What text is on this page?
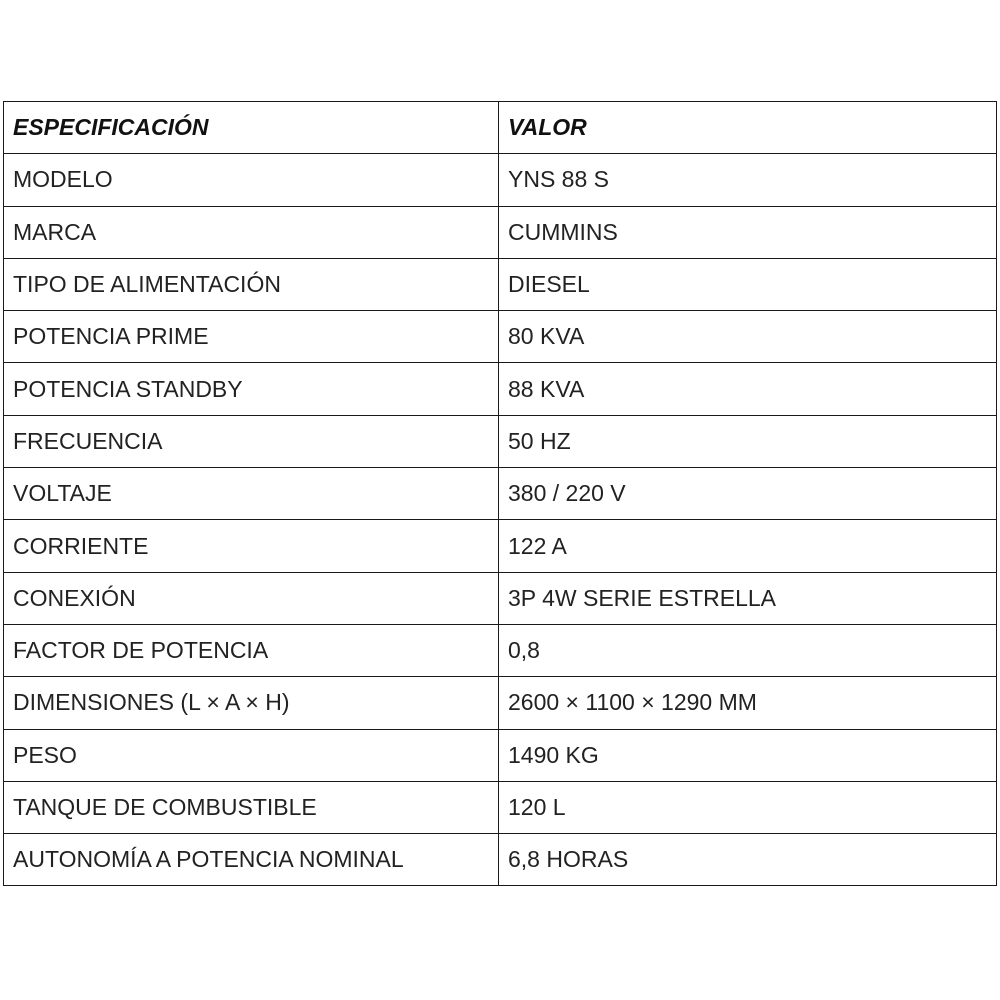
ESPECIFICACIÓN	VALOR
MODELO	YNS 88 S
MARCA	CUMMINS
TIPO DE ALIMENTACIÓN	DIESEL
POTENCIA PRIME	80 KVA
POTENCIA STANDBY	88 KVA
FRECUENCIA	50 HZ
VOLTAJE	380 / 220 V
CORRIENTE	122 A
CONEXIÓN	3P 4W SERIE ESTRELLA
FACTOR DE POTENCIA	0,8
DIMENSIONES (L × A × H)	2600 × 1100 × 1290 MM
PESO	1490 KG
TANQUE DE COMBUSTIBLE	120 L
AUTONOMÍA A POTENCIA NOMINAL	6,8 HORAS
